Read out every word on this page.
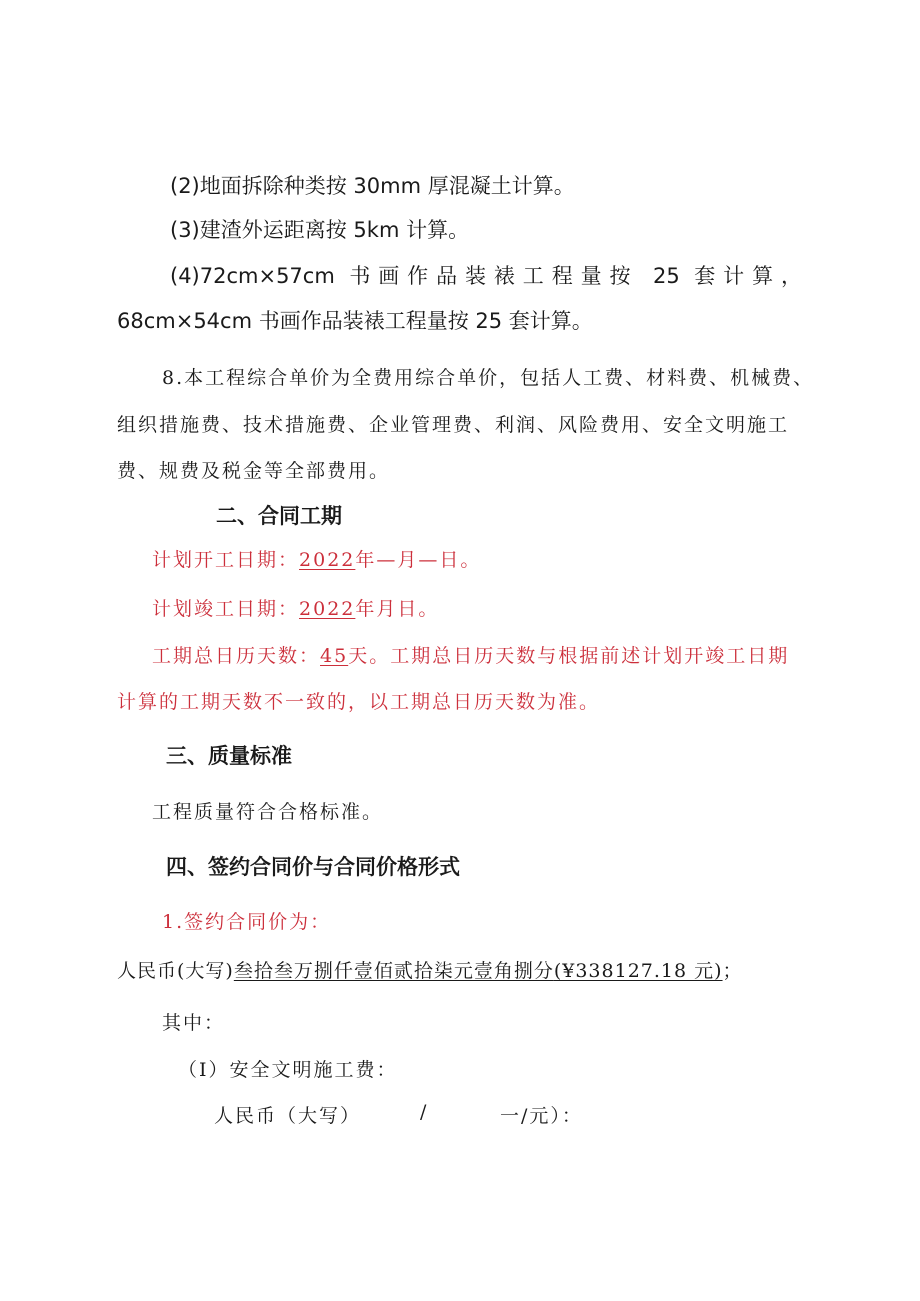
(2)地面拆除种类按 30mm 厚混凝土计算。
(3)建渣外运距离按 5km 计算。
(4)72cm×57cm 书画作品装裱工程量按 25 套计算，
68cm×54cm 书画作品装裱工程量按 25 套计算。
8.本工程综合单价为全费用综合单价，包括人工费、材料费、机械费、
组织措施费、技术措施费、企业管理费、利润、风险费用、安全文明施工
费、规费及税金等全部费用。
二、合同工期
计划开工日期：2022年—月—日。
计划竣工日期：2022年月日。
工期总日历天数：45天。工期总日历天数与根据前述计划开竣工日期
计算的工期天数不一致的，以工期总日历天数为准。
三、质量标准
工程质量符合合格标准。
四、签约合同价与合同价格形式
1.签约合同价为：
人民币(大写)叁拾叁万捌仟壹佰贰拾柒元壹角捌分(¥338127.18 元)；
其中：
（I）安全文明施工费：
人民币（大写）	/	一/元）：
